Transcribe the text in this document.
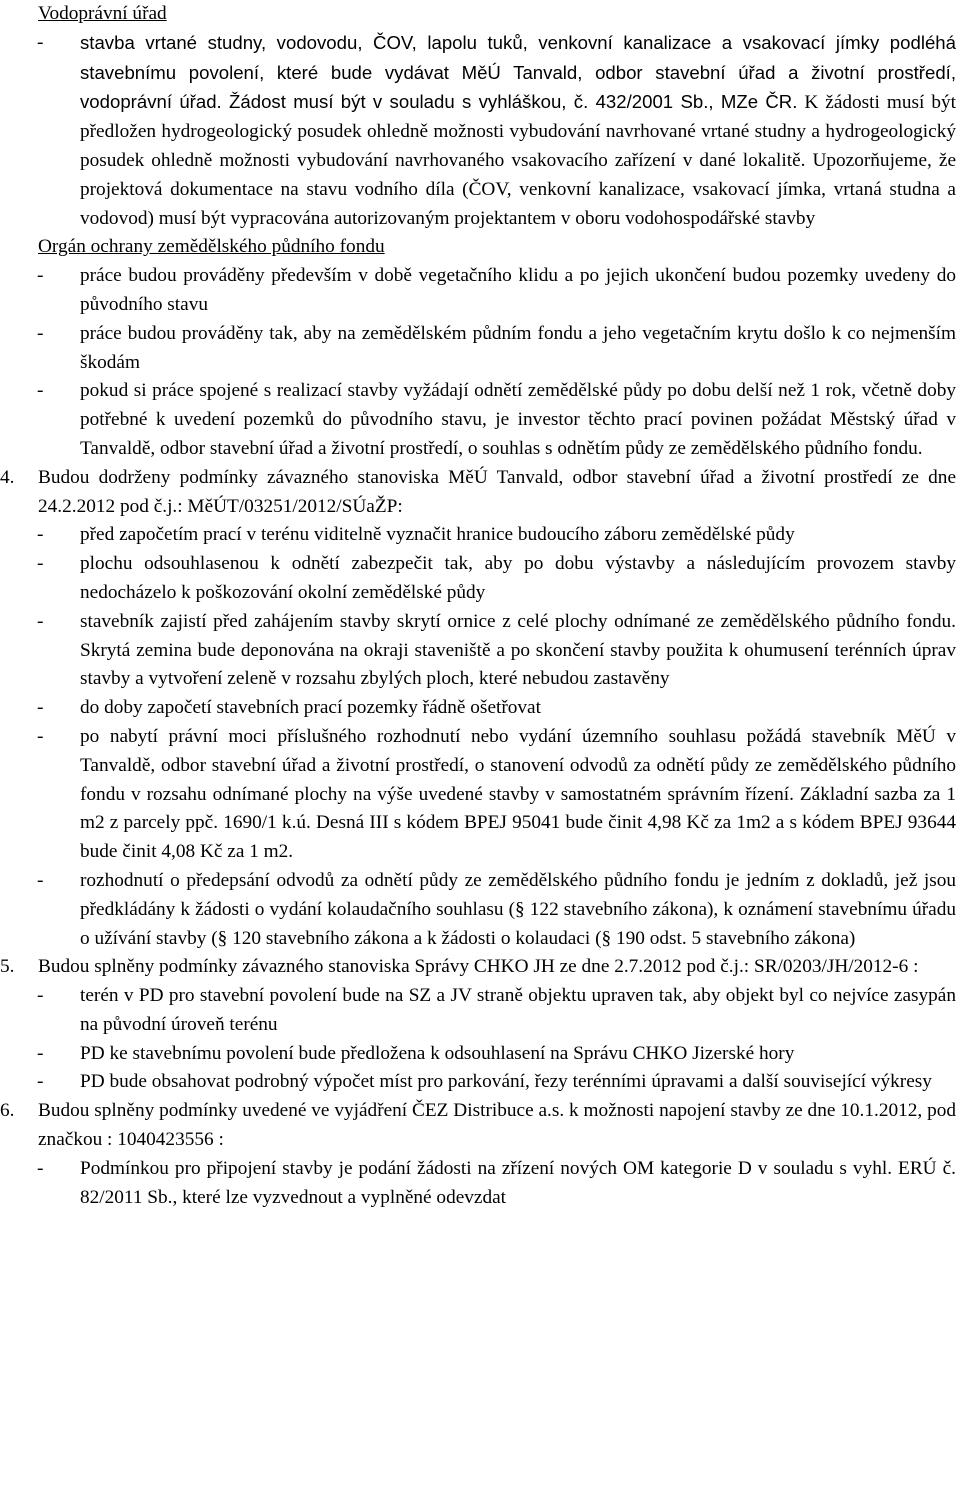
Vodoprávní úřad
- stavba vrtané studny, vodovodu, ČOV, lapolu tuků, venkovní kanalizace a vsakovací jímky podléhá stavebnímu povolení, které bude vydávat MěÚ Tanvald, odbor stavební úřad a životní prostředí, vodoprávní úřad. Žádost musí být v souladu s vyhláškou, č. 432/2001 Sb., MZe ČR. K žádosti musí být předložen hydrogeologický posudek ohledně možnosti vybudování navrhované vrtané studny a hydrogeologický posudek ohledně možnosti vybudování navrhovaného vsakovacího zařízení v dané lokalitě. Upozorňujeme, že projektová dokumentace na stavu vodního díla (ČOV, venkovní kanalizace, vsakovací jímka, vrtaná studna a vodovod) musí být vypracována autorizovaným projektantem v oboru vodohospodářské stavby
Orgán ochrany zemědělského půdního fondu
- práce budou prováděny především v době vegetačního klidu a po jejich ukončení budou pozemky uvedeny do původního stavu
- práce budou prováděny tak, aby na zemědělském půdním fondu a jeho vegetačním krytu došlo k co nejmenším škodám
- pokud si práce spojené s realizací stavby vyžádají odnětí zemědělské půdy po dobu delší než 1 rok, včetně doby potřebné k uvedení pozemků do původního stavu, je investor těchto prací povinen požádat Městský úřad v Tanvaldě, odbor stavební úřad a životní prostředí, o souhlas s odnětím půdy ze zemědělského půdního fondu.
4. Budou dodrženy podmínky závazného stanoviska MěÚ Tanvald, odbor stavební úřad a životní prostředí ze dne 24.2.2012 pod č.j.: MěÚT/03251/2012/SÚaŽP:
- před započetím prací v terénu viditelně vyznačit hranice budoucího záboru zemědělské půdy
- plochu odsouhlasenou k odnětí zabezpečit tak, aby po dobu výstavby a následujícím provozem stavby nedocházelo k poškozování okolní zemědělské půdy
- stavebník zajistí před zahájením stavby skrytí ornice z celé plochy odnímané ze zemědělského půdního fondu. Skrytá zemina bude deponována na okraji staveniště a po skončení stavby použita k ohumusení terénních úprav stavby a vytvoření zeleně v rozsahu zbylých ploch, které nebudou zastavěny
- do doby započetí stavebních prací pozemky řádně ošetřovat
- po nabytí právní moci příslušného rozhodnutí nebo vydání územního souhlasu požádá stavebník MěÚ v Tanvaldě, odbor stavební úřad a životní prostředí, o stanovení odvodů za odnětí půdy ze zemědělského půdního fondu v rozsahu odnímané plochy na výše uvedené stavby v samostatném správním řízení. Základní sazba za 1 m2 z parcely ppč. 1690/1 k.ú. Desná III s kódem BPEJ 95041 bude činit 4,98 Kč za 1m2 a s kódem BPEJ 93644 bude činit 4,08 Kč za 1 m2.
- rozhodnutí o předepsání odvodů za odnětí půdy ze zemědělského půdního fondu je jedním z dokladů, jež jsou předkládány k žádosti o vydání kolaudačního souhlasu (§ 122 stavebního zákona), k oznámení stavebnímu úřadu o užívání stavby (§ 120 stavebního zákona a k žádosti o kolaudaci (§ 190 odst. 5 stavebního zákona)
5. Budou splněny podmínky závazného stanoviska Správy CHKO JH ze dne 2.7.2012 pod č.j.: SR/0203/JH/2012-6 :
- terén v PD pro stavební povolení bude na SZ a JV straně objektu upraven tak, aby objekt byl co nejvíce zasypán na původní úroveň terénu
- PD ke stavebnímu povolení bude předložena k odsouhlasení na Správu CHKO Jizerské hory
- PD bude obsahovat podrobný výpočet míst pro parkování, řezy terénními úpravami a další související výkresy
6. Budou splněny podmínky uvedené ve vyjádření ČEZ Distribuce a.s. k možnosti napojení stavby ze dne 10.1.2012, pod značkou : 1040423556 :
- Podmínkou pro připojení stavby je podání žádosti na zřízení nových OM kategorie D v souladu s vyhl. ERÚ č. 82/2011 Sb., které lze vyzvednout a vyplněné odevzdat
